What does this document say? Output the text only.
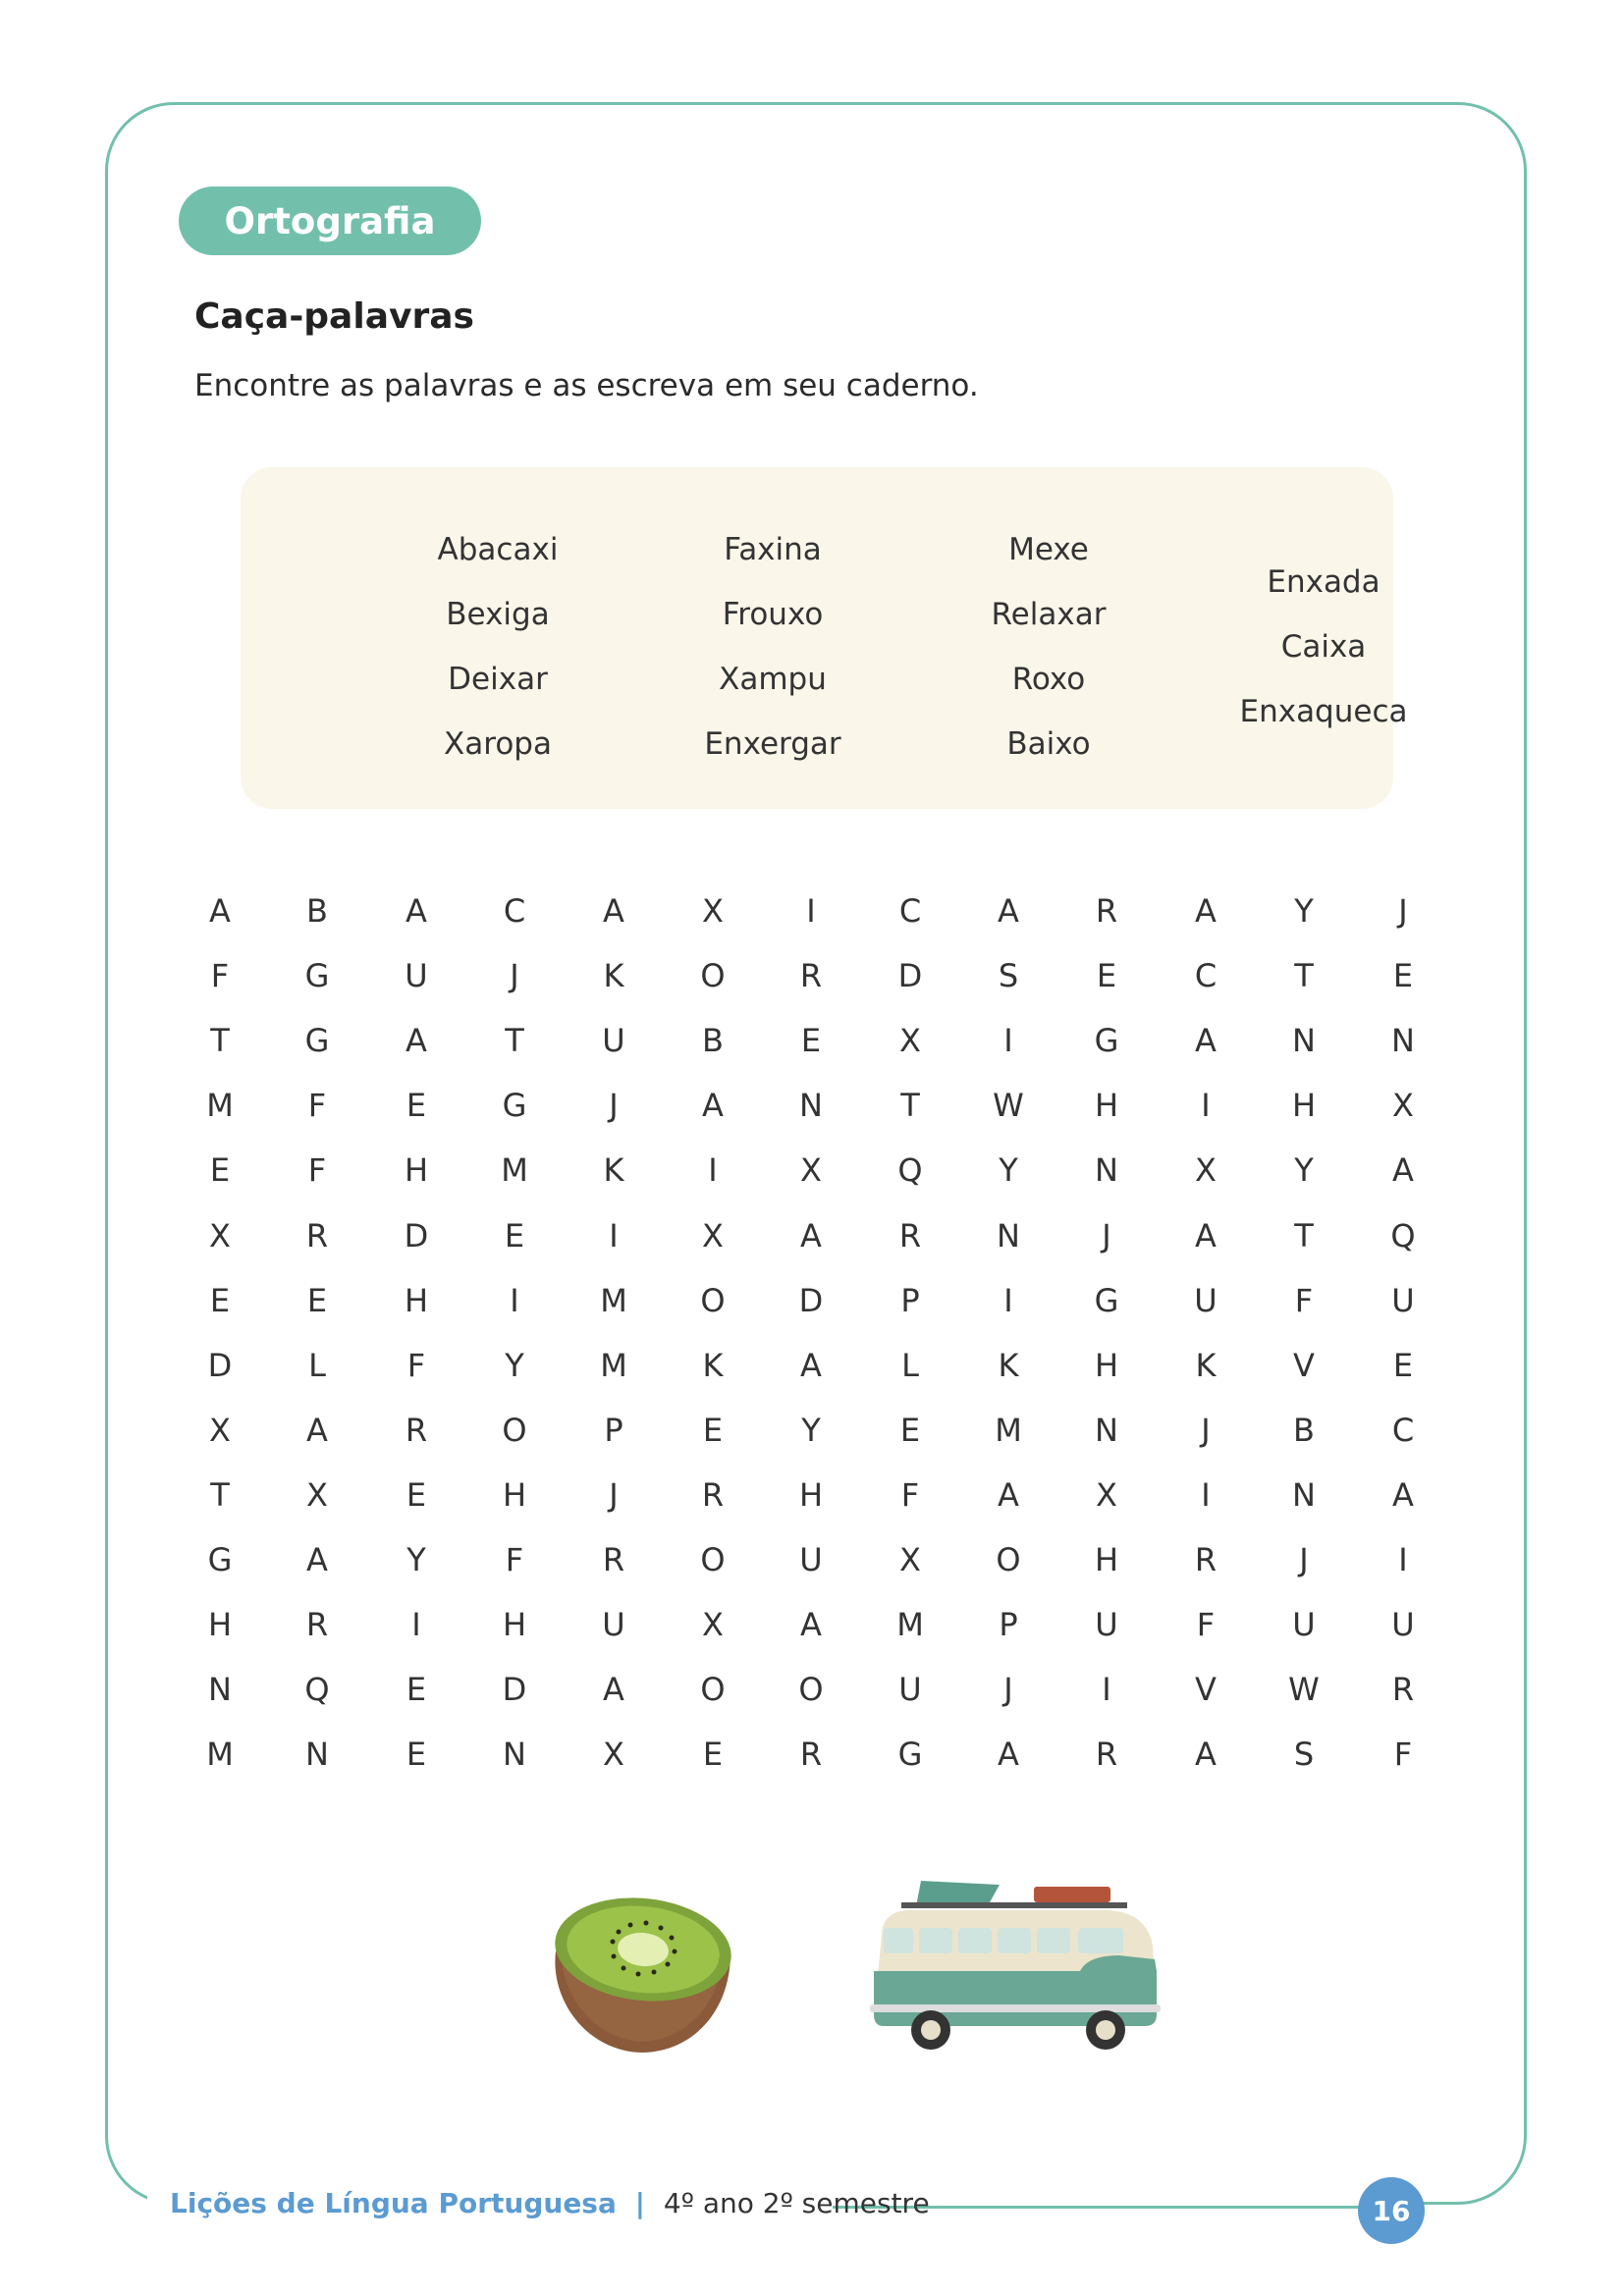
Ortografia
Caça-palavras
Encontre as palavras e as escreva em seu caderno.
Abacaxi
Bexiga
Deixar
Xaropa
Faxina
Frouxo
Xampu
Enxergar
Mexe
Relaxar
Roxo
Baixo
Enxada
Caixa
Enxaqueca
A	B	A	C	A	X	I	C	A	R	A	Y	J
F	G	U	J	K	O	R	D	S	E	C	T	E
T	G	A	T	U	B	E	X	I	G	A	N	N
M	F	E	G	J	A	N	T	W	H	I	H	X
E	F	H	M	K	I	X	Q	Y	N	X	Y	A
X	R	D	E	I	X	A	R	N	J	A	T	Q
E	E	H	I	M	O	D	P	I	G	U	F	U
D	L	F	Y	M	K	A	L	K	H	K	V	E
X	A	R	O	P	E	Y	E	M	N	J	B	C
T	X	E	H	J	R	H	F	A	X	I	N	A
G	A	Y	F	R	O	U	X	O	H	R	J	I
H	R	I	H	U	X	A	M	P	U	F	U	U
N	Q	E	D	A	O	O	U	J	I	V	W	R
M	N	E	N	X	E	R	G	A	R	A	S	F
Lições de Língua Portuguesa | 4º ano 2º semestre	16
